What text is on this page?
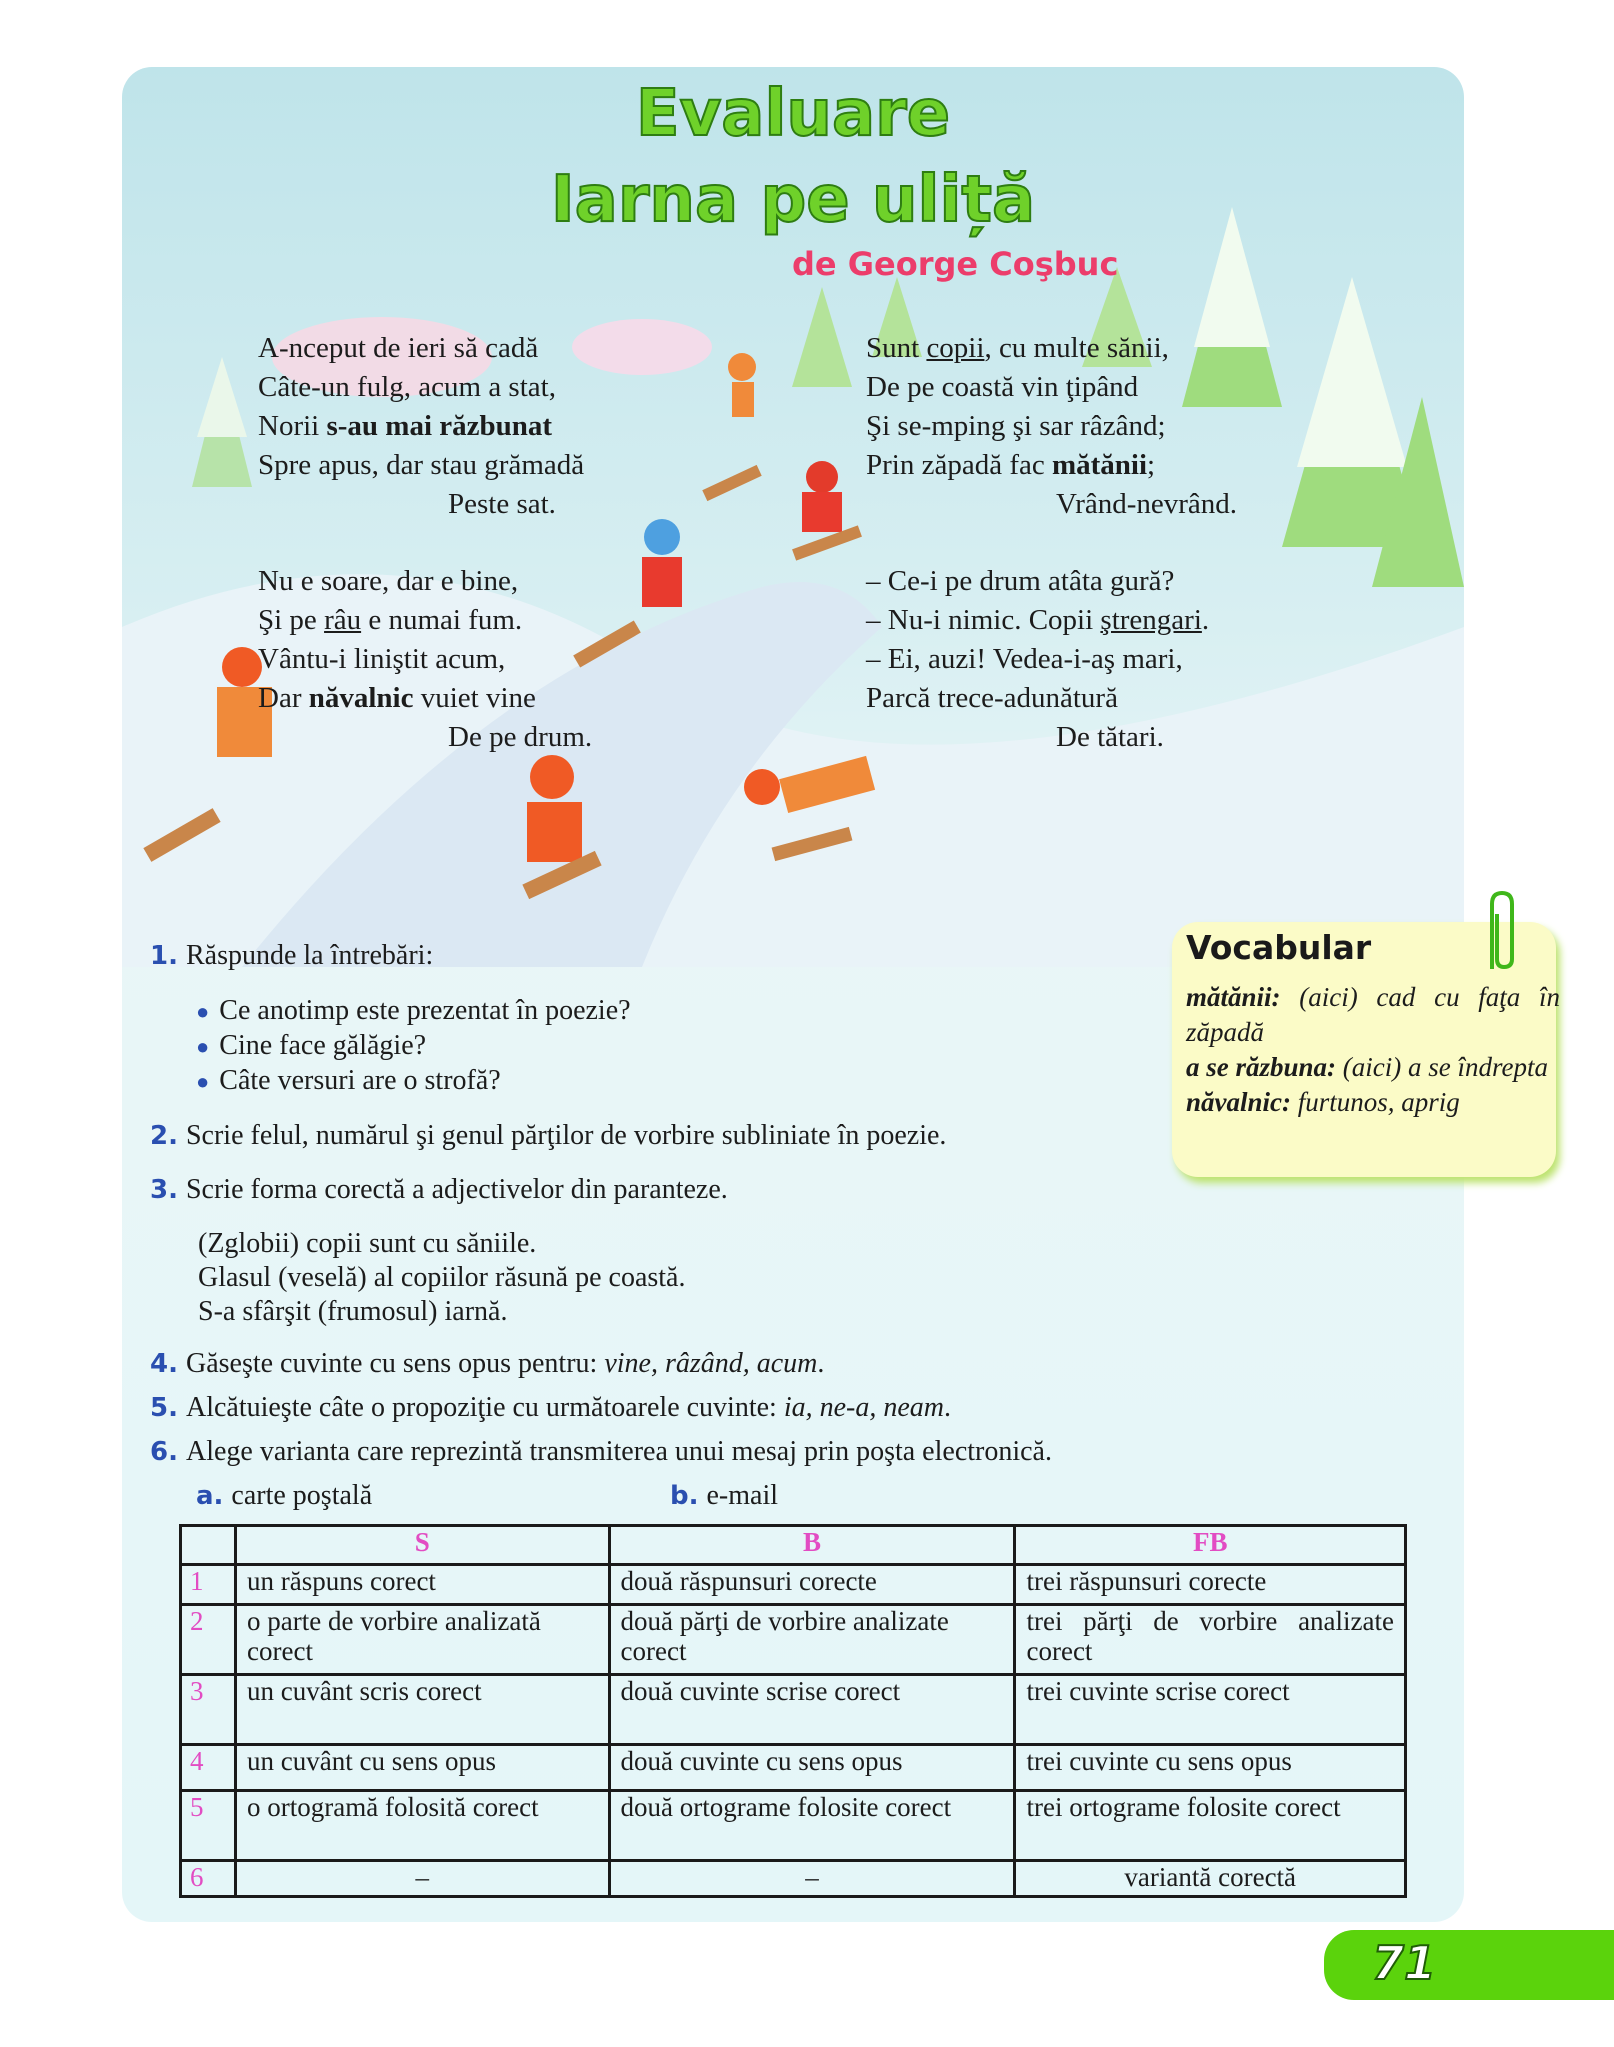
Evaluare
Iarna pe uliță
de George Coşbuc
A-nceput de ieri să cadă
Câte-un fulg, acum a stat,
Norii s-au mai răzbunat
Spre apus, dar stau grămadă
Peste sat.
Nu e soare, dar e bine,
Şi pe râu e numai fum.
Vântu-i liniştit acum,
Dar năvalnic vuiet vine
De pe drum.
Sunt copii, cu multe sănii,
De pe coastă vin ţipând
Şi se-mping şi sar râzând;
Prin zăpadă fac mătănii;
Vrând-nevrând.
– Ce-i pe drum atâta gură?
– Nu-i nimic. Copii ştrengari.
– Ei, auzi! Vedea-i-aş mari,
Parcă trece-adunătură
De tătari.
Vocabular
mătănii: (aici) cad cu faţa în zăpadă
a se răzbuna: (aici) a se îndrepta
năvalnic: furtunos, aprig
1. Răspunde la întrebări:
● Ce anotimp este prezentat în poezie?
● Cine face gălăgie?
● Câte versuri are o strofă?
2. Scrie felul, numărul şi genul părţilor de vorbire subliniate în poezie.
3. Scrie forma corectă a adjectivelor din paranteze.
(Zglobii) copii sunt cu săniile.
Glasul (veselă) al copiilor răsună pe coastă.
S-a sfârşit (frumosul) iarnă.
4. Găseşte cuvinte cu sens opus pentru: vine, râzând, acum.
5. Alcătuieşte câte o propoziţie cu următoarele cuvinte: ia, ne-a, neam.
6. Alege varianta care reprezintă transmiterea unui mesaj prin poşta electronică.
a. carte poştală	b. e-mail
	S	B	FB
1	un răspuns corect	două răspunsuri corecte	trei răspunsuri corecte
2	o parte de vorbire analizată corect	două părţi de vorbire analizate corect	trei părţi de vorbire analizate corect
3	un cuvânt scris corect	două cuvinte scrise corect	trei cuvinte scrise corect
4	un cuvânt cu sens opus	două cuvinte cu sens opus	trei cuvinte cu sens opus
5	o ortogramă folosită corect	două ortograme folosite corect	trei ortograme folosite corect
6	–	–	variantă corectă
71
